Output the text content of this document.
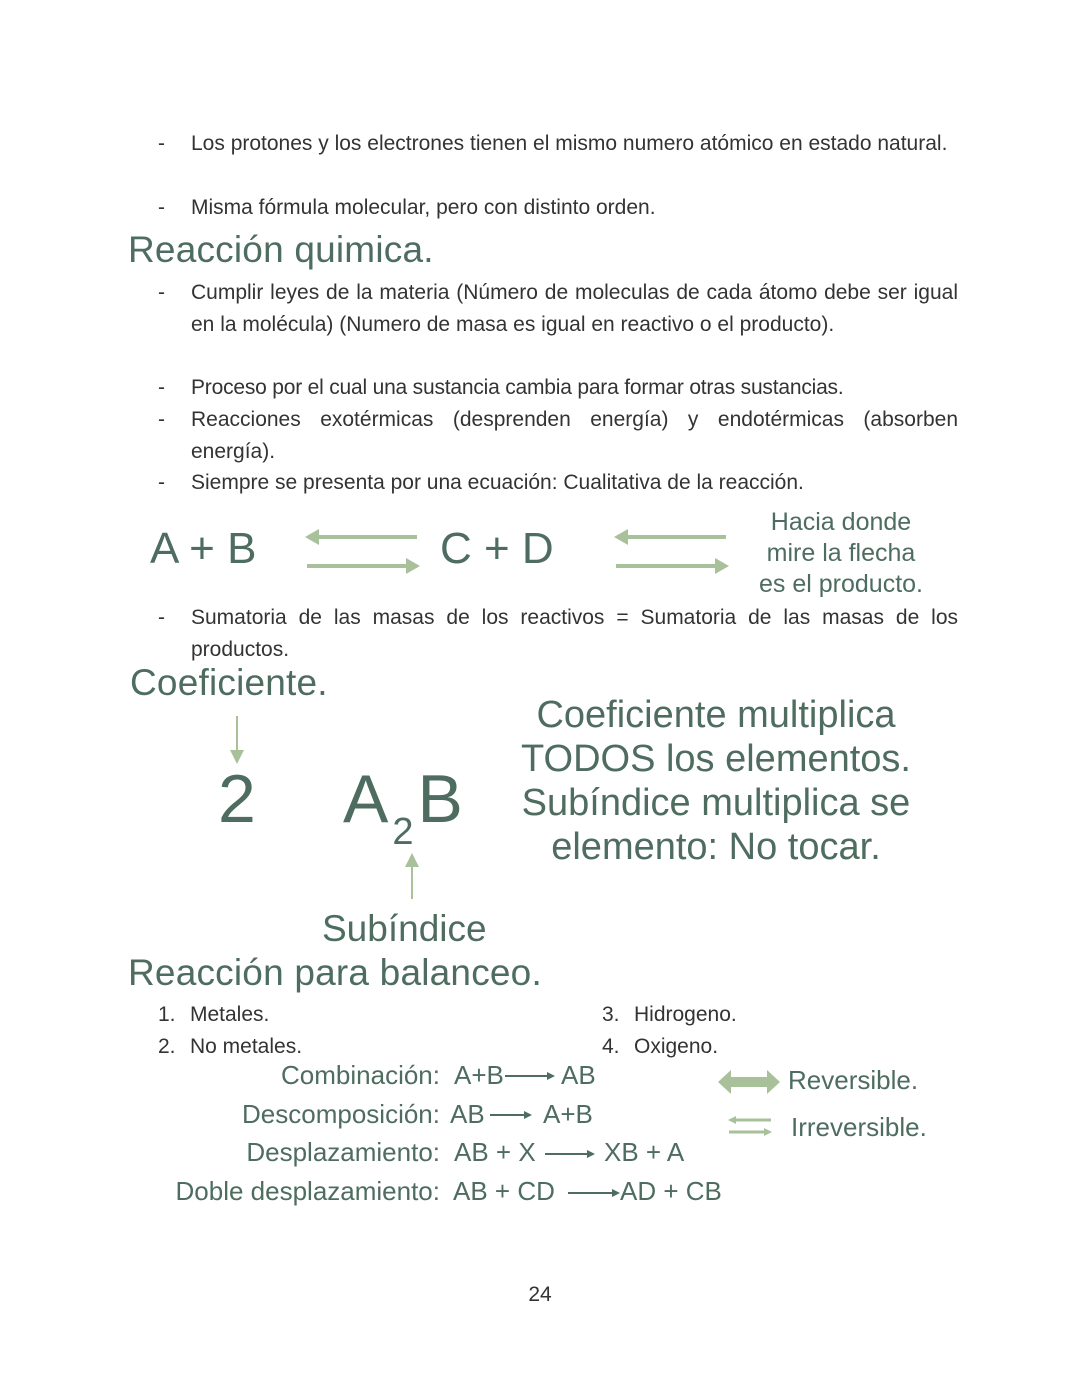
-	Los protones y los electrones tienen el mismo numero atómico en estado natural.
-	Misma fórmula molecular, pero con distinto orden.
Reacción quimica.
-	Cumplir leyes de la materia (Número de moleculas de cada átomo debe ser igual en la molécula) (Numero de masa es igual en reactivo o el producto).
-	Proceso por el cual una sustancia cambia para formar otras sustancias.
-	Reacciones exotérmicas (desprenden energía) y endotérmicas (absorben energía).
-	Siempre se presenta por una ecuación: Cualitativa de la reacción.
A + B	C + D
Hacia donde
mire la flecha
es el producto.
-	Sumatoria de las masas de los reactivos = Sumatoria de las masas de los productos.
Coeficiente.
2 A $_2$B
Subíndice
Coeficiente multiplica
TODOS los elementos.
Subíndice multiplica se
elemento: No tocar.
Reacción para balanceo.
1. Metales.
2. No metales.
3. Hidrogeno.
4. Oxigeno.
Combinación: A+B AB
Descomposición: AB A+B
Desplazamiento: AB + X	XB + A
Doble desplazamiento: AB + CD	AD + CB
Reversible.
⇌ Irreversible.
24
